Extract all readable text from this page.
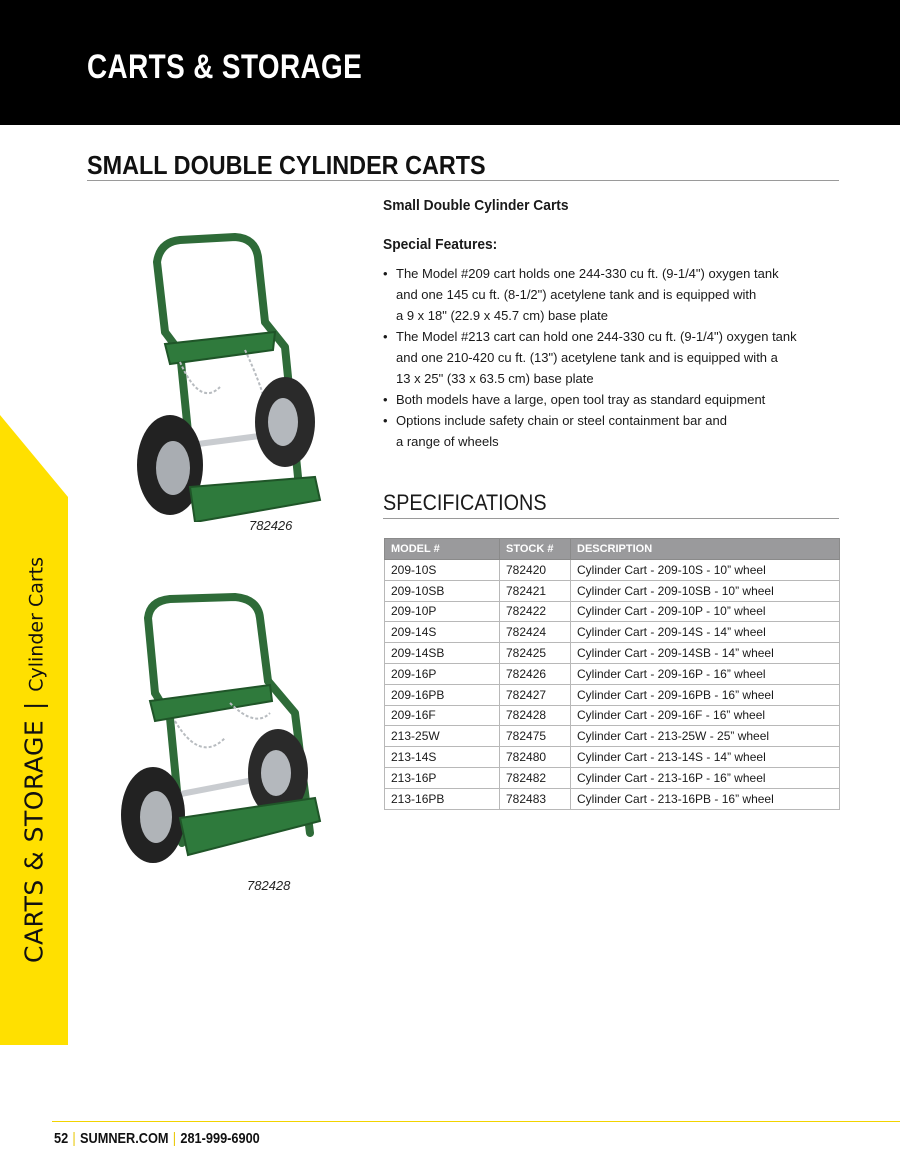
CARTS & STORAGE
SMALL DOUBLE CYLINDER CARTS
CARTS & STORAGE|Cylinder Carts
782426
782428
Small Double Cylinder Carts
Special Features:
• The Model #209 cart holds one 244-330 cu ft. (9-1/4") oxygen tank
and one 145 cu ft. (8-1/2") acetylene tank and is equipped with
a 9 x 18" (22.9 x 45.7 cm) base plate
• The Model #213 cart can hold one 244-330 cu ft. (9-1/4") oxygen tank
and one 210-420 cu ft. (13") acetylene tank and is equipped with a
13 x 25" (33 x 63.5 cm) base plate
• Both models have a large, open tool tray as standard equipment
• Options include safety chain or steel containment bar and
a range of wheels
SPECIFICATIONS
MODEL #	STOCK #	DESCRIPTION
209-10S	782420	Cylinder Cart - 209-10S - 10” wheel
209-10SB	782421	Cylinder Cart - 209-10SB - 10” wheel
209-10P	782422	Cylinder Cart - 209-10P - 10” wheel
209-14S	782424	Cylinder Cart - 209-14S - 14” wheel
209-14SB	782425	Cylinder Cart - 209-14SB - 14” wheel
209-16P	782426	Cylinder Cart - 209-16P - 16” wheel
209-16PB	782427	Cylinder Cart - 209-16PB - 16” wheel
209-16F	782428	Cylinder Cart - 209-16F - 16” wheel
213-25W	782475	Cylinder Cart - 213-25W - 25” wheel
213-14S	782480	Cylinder Cart - 213-14S - 14” wheel
213-16P	782482	Cylinder Cart - 213-16P - 16” wheel
213-16PB	782483	Cylinder Cart - 213-16PB - 16” wheel
52 | SUMNER.COM | 281-999-6900
